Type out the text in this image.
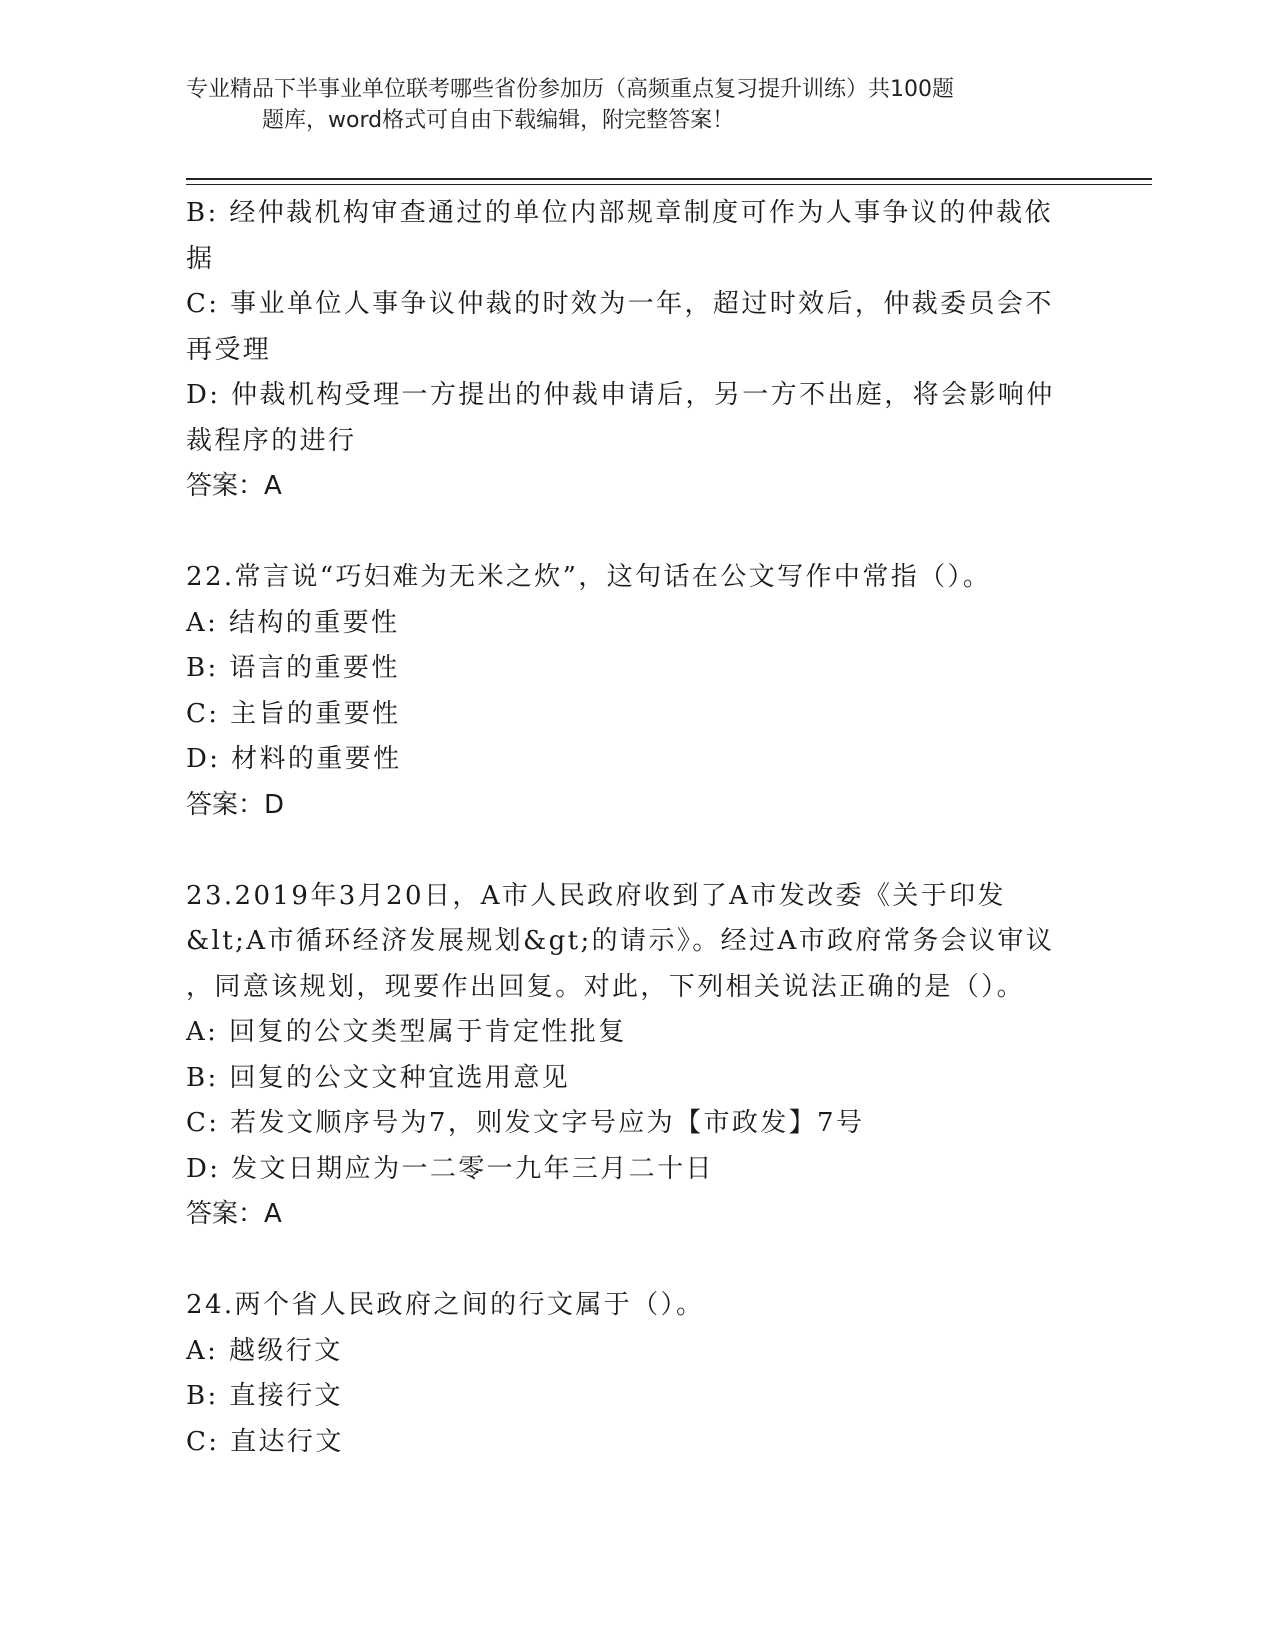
专业精品下半事业单位联考哪些省份参加历（高频重点复习提升训练）共100题
题库，word格式可自由下载编辑，附完整答案！
B: 经仲裁机构审查通过的单位内部规章制度可作为人事争议的仲裁依
据
C: 事业单位人事争议仲裁的时效为一年，超过时效后，仲裁委员会不
再受理
D: 仲裁机构受理一方提出的仲裁申请后，另一方不出庭，将会影响仲
裁程序的进行
答案：A
22.常言说“巧妇难为无米之炊”，这句话在公文写作中常指（）。
A: 结构的重要性
B: 语言的重要性
C: 主旨的重要性
D: 材料的重要性
答案：D
23.2019年3月20日，A市人民政府收到了A市发改委《关于印发
&lt;A市循环经济发展规划&gt;的请示》。经过A市政府常务会议审议
，同意该规划，现要作出回复。对此，下列相关说法正确的是（）。
A: 回复的公文类型属于肯定性批复
B: 回复的公文文种宜选用意见
C: 若发文顺序号为7，则发文字号应为【市政发】7号
D: 发文日期应为一二零一九年三月二十日
答案：A
24.两个省人民政府之间的行文属于（）。
A: 越级行文
B: 直接行文
C: 直达行文
